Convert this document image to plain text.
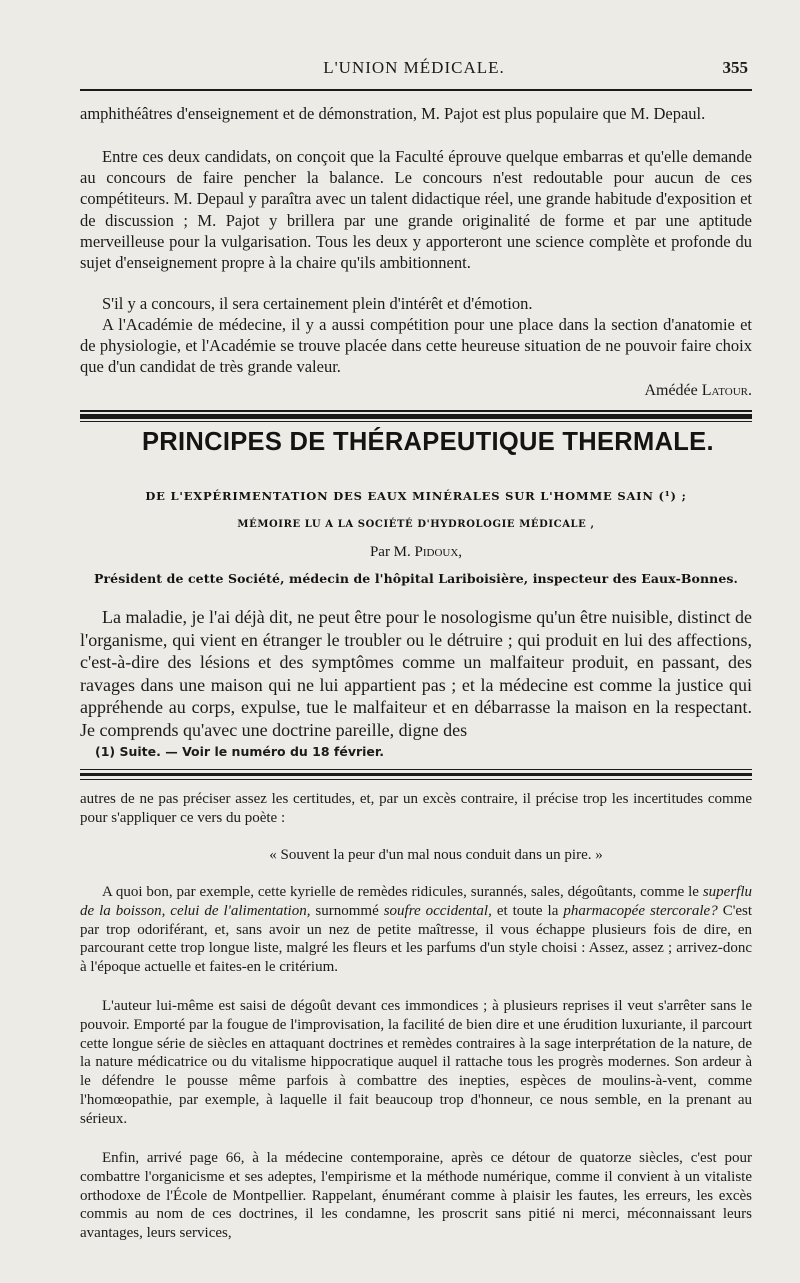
L'UNION MÉDICALE.	355

amphithéâtres d'enseignement et de démonstration, M. Pajot est plus populaire que M. Depaul.

Entre ces deux candidats, on conçoit que la Faculté éprouve quelque embarras et qu'elle demande au concours de faire pencher la balance. Le concours n'est redoutable pour aucun de ces compétiteurs. M. Depaul y paraîtra avec un talent didactique réel, une grande habitude d'exposition et de discussion ; M. Pajot y brillera par une grande originalité de forme et par une aptitude merveilleuse pour la vulgarisation. Tous les deux y apporteront une science complète et profonde du sujet d'enseignement propre à la chaire qu'ils ambitionnent.

S'il y a concours, il sera certainement plein d'intérêt et d'émotion.

A l'Académie de médecine, il y a aussi compétition pour une place dans la section d'anatomie et de physiologie, et l'Académie se trouve placée dans cette heureuse situation de ne pouvoir faire choix que d'un candidat de très grande valeur.

Amédée Latour.
PRINCIPES DE THÉRAPEUTIQUE THERMALE.
DE L'EXPÉRIMENTATION DES EAUX MINÉRALES SUR L'HOMME SAIN (¹) ;
MÉMOIRE LU A LA SOCIÉTÉ D'HYDROLOGIE MÉDICALE ,
Par M. Pidoux,
Président de cette Société, médecin de l'hôpital Lariboisière, inspecteur des Eaux-Bonnes.

La maladie, je l'ai déjà dit, ne peut être pour le nosologisme qu'un être nuisible, distinct de l'organisme, qui vient en étranger le troubler ou le détruire ; qui produit en lui des affections, c'est-à-dire des lésions et des symptômes comme un malfaiteur produit, en passant, des ravages dans une maison qui ne lui appartient pas ; et la médecine est comme la justice qui appréhende au corps, expulse, tue le malfaiteur et en débarrasse la maison en la respectant. Je comprends qu'avec une doctrine pareille, digne des

(1) Suite. — Voir le numéro du 18 février.

autres de ne pas préciser assez les certitudes, et, par un excès contraire, il précise trop les incertitudes comme pour s'appliquer ce vers du poète :

« Souvent la peur d'un mal nous conduit dans un pire. »

A quoi bon, par exemple, cette kyrielle de remèdes ridicules, surannés, sales, dégoûtants, comme le superflu de la boisson, celui de l'alimentation, surnommé soufre occidental, et toute la pharmacopée stercorale? C'est par trop odoriférant, et, sans avoir un nez de petite maîtresse, il vous échappe plusieurs fois de dire, en parcourant cette trop longue liste, malgré les fleurs et les parfums d'un style choisi : Assez, assez ; arrivez-donc à l'époque actuelle et faites-en le critérium.

L'auteur lui-même est saisi de dégoût devant ces immondices ; à plusieurs reprises il veut s'arrêter sans le pouvoir. Emporté par la fougue de l'improvisation, la facilité de bien dire et une érudition luxuriante, il parcourt cette longue série de siècles en attaquant doctrines et remèdes contraires à la sage interprétation de la nature, de la nature médicatrice ou du vitalisme hippocratique auquel il rattache tous les progrès modernes. Son ardeur à le défendre le pousse même parfois à combattre des inepties, espèces de moulins-à-vent, comme l'homœopathie, par exemple, à laquelle il fait beaucoup trop d'honneur, ce nous semble, en la prenant au sérieux.

Enfin, arrivé page 66, à la médecine contemporaine, après ce détour de quatorze siècles, c'est pour combattre l'organicisme et ses adeptes, l'empirisme et la méthode numérique, comme il convient à un vitaliste orthodoxe de l'École de Montpellier. Rappelant, énumérant comme à plaisir les fautes, les erreurs, les excès commis au nom de ces doctrines, il les condamne, les proscrit sans pitié ni merci, méconnaissant leurs avantages, leurs services,
